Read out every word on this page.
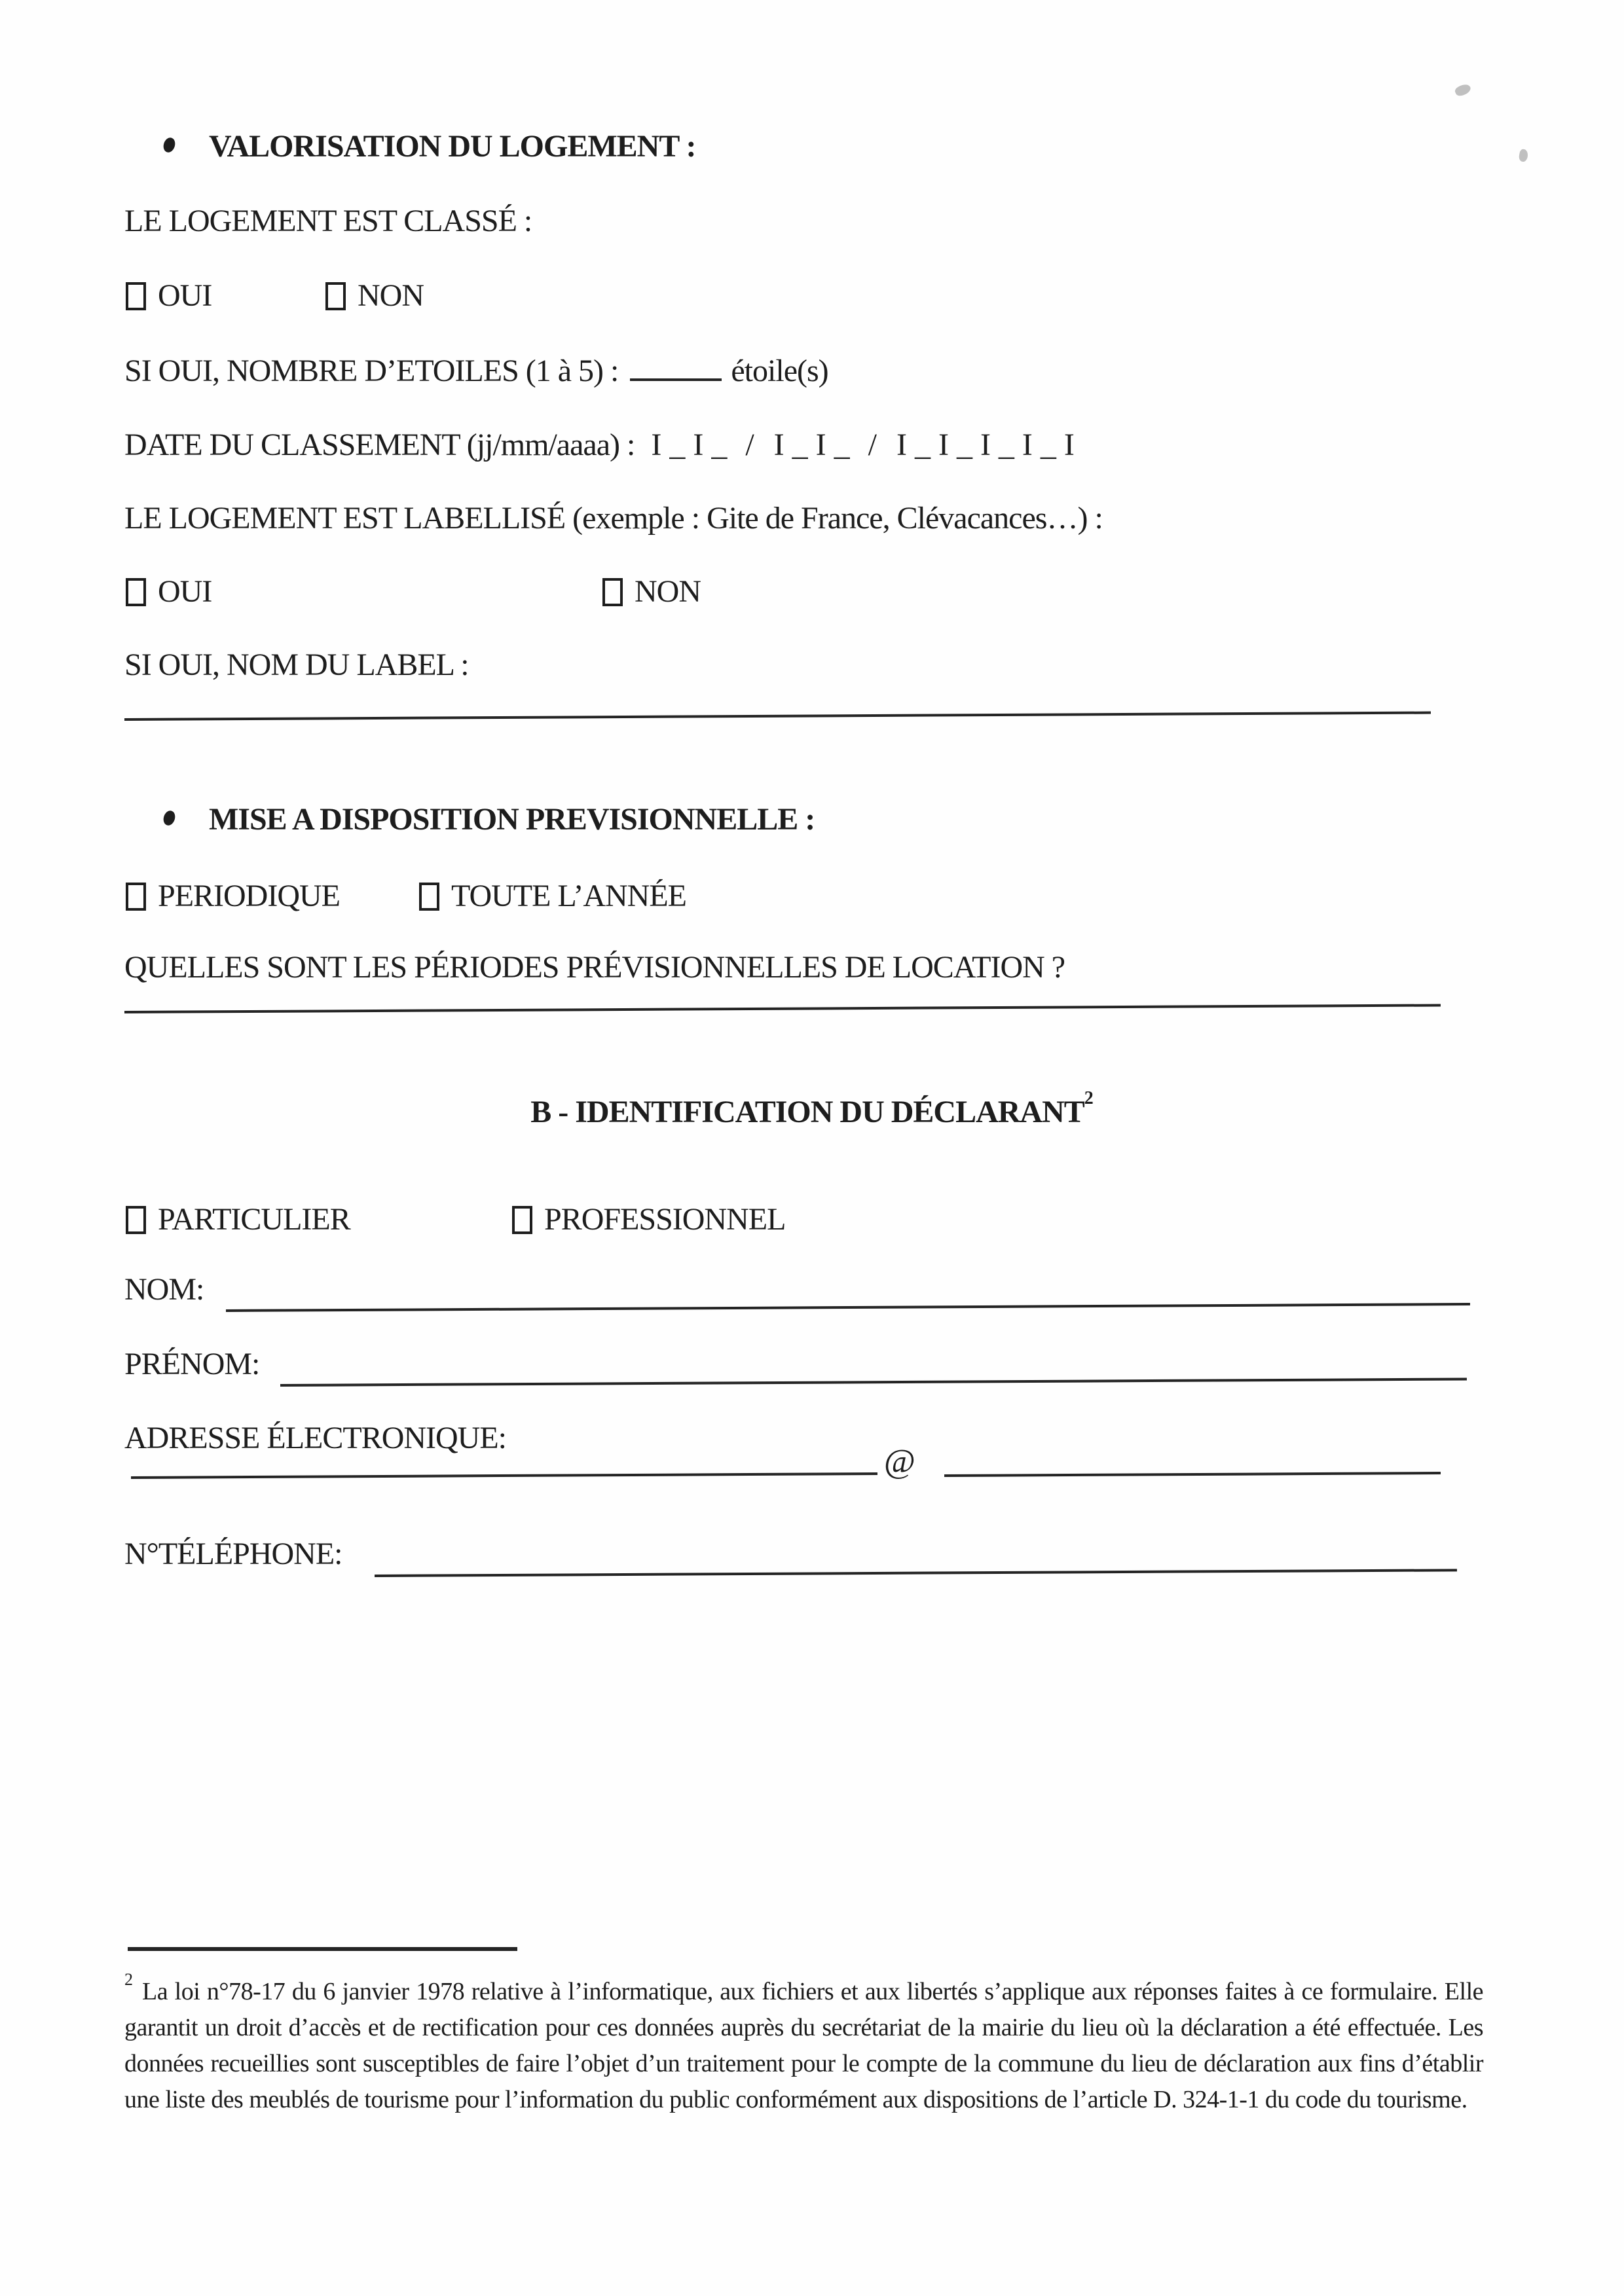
VALORISATION DU LOGEMENT :
LE LOGEMENT EST CLASSÉ :
OUI	NON
SI OUI, NOMBRE D’ETOILES (1 à 5) :	étoile(s)
DATE DU CLASSEMENT (jj/mm/aaaa) : I_I_ / I_I_ / I_I_I_I_I
LE LOGEMENT EST LABELLISÉ (exemple : Gite de France, Clévacances…) :
OUI	NON
SI OUI, NOM DU LABEL :
MISE A DISPOSITION PREVISIONNELLE :
PERIODIQUE	TOUTE L’ANNÉE
QUELLES SONT LES PÉRIODES PRÉVISIONNELLES DE LOCATION ?
B - IDENTIFICATION DU DÉCLARANT$^2$
PARTICULIER	PROFESSIONNEL
NOM:
PRÉNOM:
ADRESSE ÉLECTRONIQUE:
@
N°TÉLÉPHONE:
$^2$ La loi n°78-17 du 6 janvier 1978 relative à l’informatique, aux fichiers et aux libertés s’applique aux réponses faites à ce formulaire. Elle garantit un droit d’accès et de rectification pour ces données auprès du secrétariat de la mairie du lieu où la déclaration a été effectuée. Les données recueillies sont susceptibles de faire l’objet d’un traitement pour le compte de la commune du lieu de déclaration aux fins d’établir une liste des meublés de tourisme pour l’information du public conformément aux dispositions de l’article D. 324-1-1 du code du tourisme.
